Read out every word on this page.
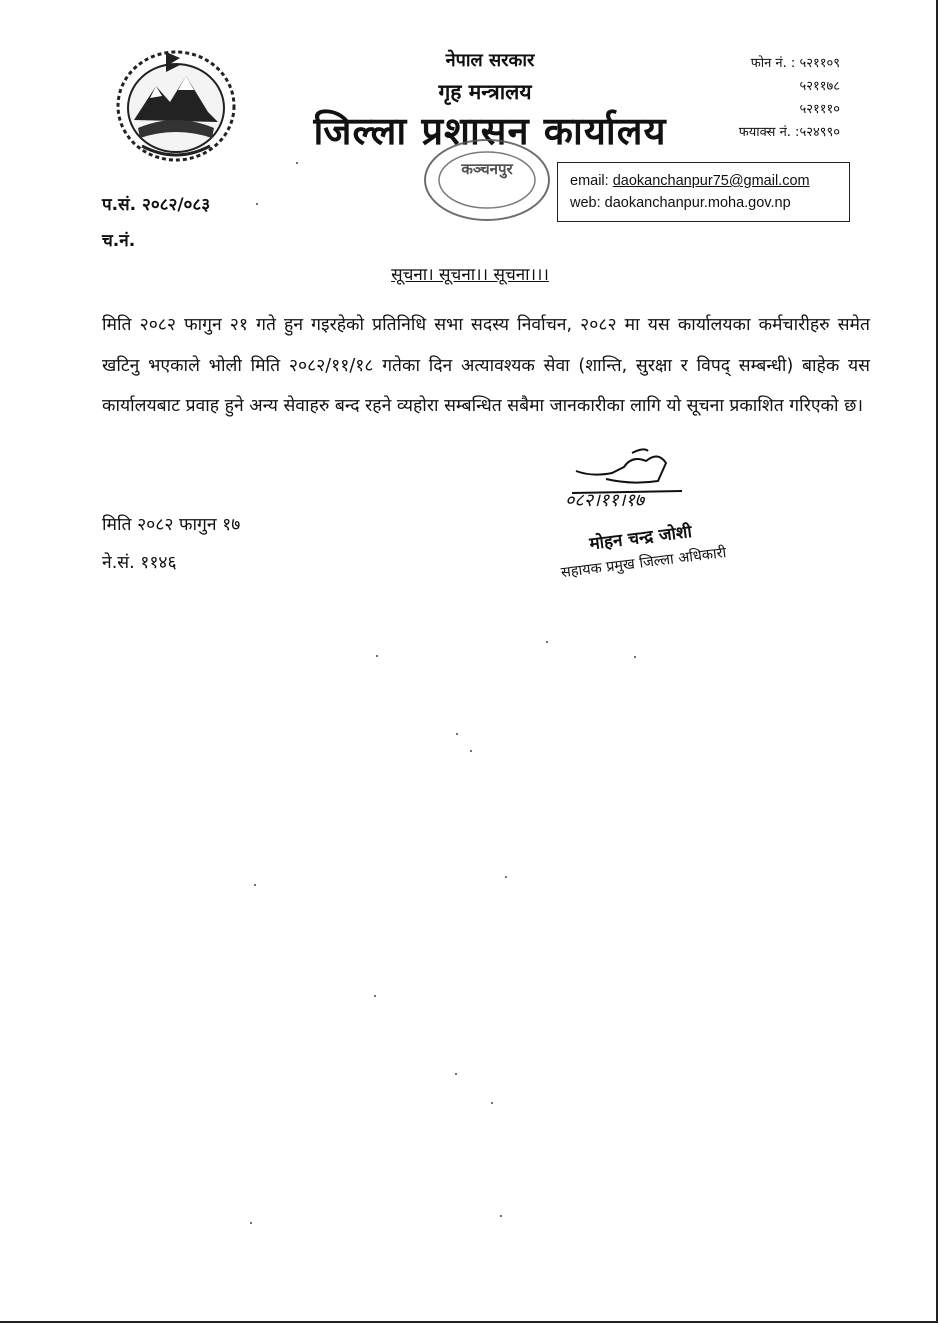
नेपाल सरकार
गृह मन्त्रालय
जिल्ला प्रशासन कार्यालय
फोन नं. :
५२११०९
५२११७८
५२१११०
फयाक्स नं. : ५२४९९०
कञ्चनपुर
email: daokanchanpur75@gmail.com
web: daokanchanpur.moha.gov.np
प.सं. २०८२/०८३
च.नं.
सूचना। सूचना।। सूचना।।।
मिति २०८२ फागुन २१ गते हुन गइरहेको प्रतिनिधि सभा सदस्य निर्वाचन, २०८२ मा यस कार्यालयका कर्मचारीहरु समेत खटिनु भएकाले भोली मिति २०८२/११/१८ गतेका दिन अत्यावश्यक सेवा (शान्ति, सुरक्षा र विपद् सम्बन्धी) बाहेक यस कार्यालयबाट प्रवाह हुने अन्य सेवाहरु बन्द रहने व्यहोरा सम्बन्धित सबैमा जानकारीका लागि यो सूचना प्रकाशित गरिएको छ।
०८२।११।१७
मिति २०८२ फागुन १७
ने.सं. ११४६
मोहन चन्द्र जोशी
सहायक प्रमुख जिल्ला अधिकारी
